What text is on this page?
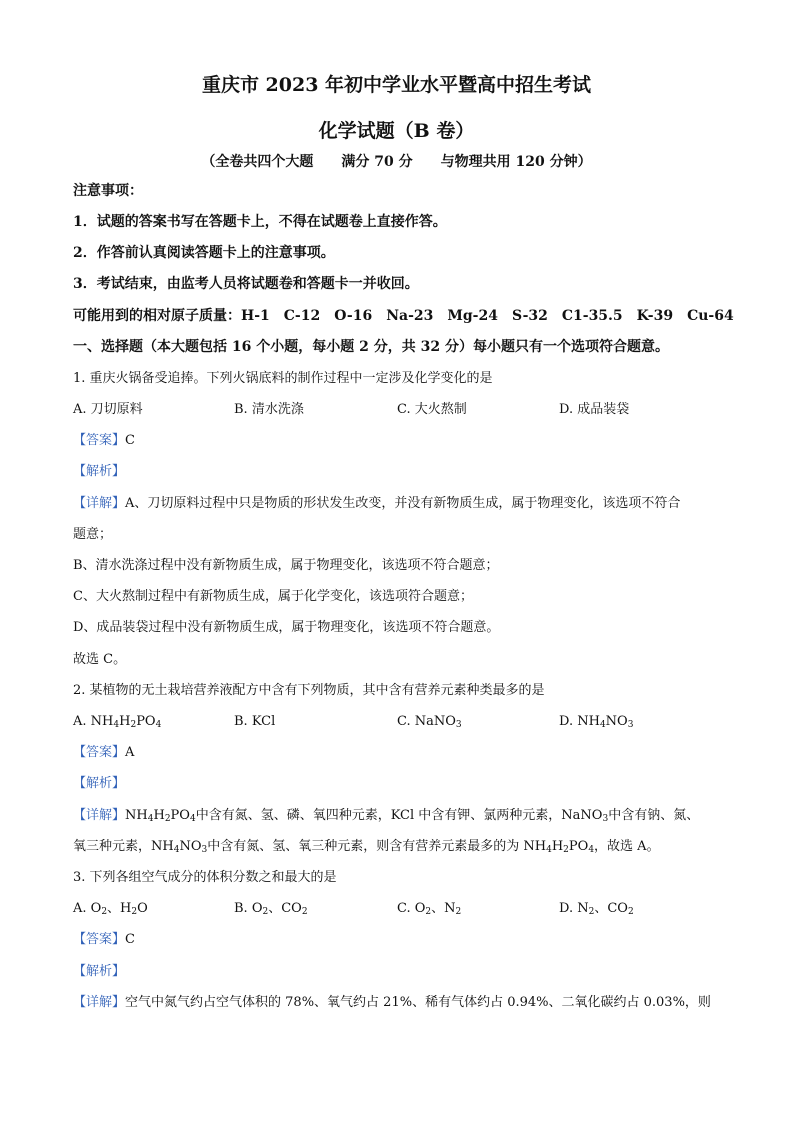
重庆市 2023 年初中学业水平暨高中招生考试
化学试题（B 卷）
（全卷共四个大题　　满分 70 分　　与物理共用 120 分钟）
注意事项：
1．试题的答案书写在答题卡上，不得在试题卷上直接作答。
2．作答前认真阅读答题卡上的注意事项。
3．考试结束，由监考人员将试题卷和答题卡一并收回。
可能用到的相对原子质量：H-1　C-12　O-16　Na-23　Mg-24　S-32　C1-35.5　K-39　Cu-64
一、选择题（本大题包括 16 个小题，每小题 2 分，共 32 分）每小题只有一个选项符合题意。
1. 重庆火锅备受追捧。下列火锅底料的制作过程中一定涉及化学变化的是
A. 刀切原料	B. 清水洗涤	C. 大火熬制	D. 成品装袋
【答案】C
【解析】
【详解】A、刀切原料过程中只是物质的形状发生改变，并没有新物质生成，属于物理变化，该选项不符合
题意；
B、清水洗涤过程中没有新物质生成，属于物理变化，该选项不符合题意；
C、大火熬制过程中有新物质生成，属于化学变化，该选项符合题意；
D、成品装袋过程中没有新物质生成，属于物理变化，该选项不符合题意。
故选 C。
2. 某植物的无土栽培营养液配方中含有下列物质，其中含有营养元素种类最多的是
A. $NH_4H_2PO_4$	B. KCl	C. NaNO$_3$	D. $NH_4NO_3$
【答案】A
【解析】
【详解】$NH_4H_2PO_4$中含有氮、氢、磷、氧四种元素，KCl 中含有钾、氯两种元素，NaNO$_3$中含有钠、氮、
氧三种元素，$NH_4NO_3$中含有氮、氢、氧三种元素，则含有营养元素最多的为 $NH_4H_2PO_4$，故选 A。
3. 下列各组空气成分的体积分数之和最大的是
A. $O_2$、$H_2O$	B. $O_2$、$CO_2$	C. $O_2$、$N_2$	D. $N_2$、$CO_2$
【答案】C
【解析】
【详解】空气中氮气约占空气体积的 78%、氧气约占 21%、稀有气体约占 0.94%、二氧化碳约占 0.03%，则
